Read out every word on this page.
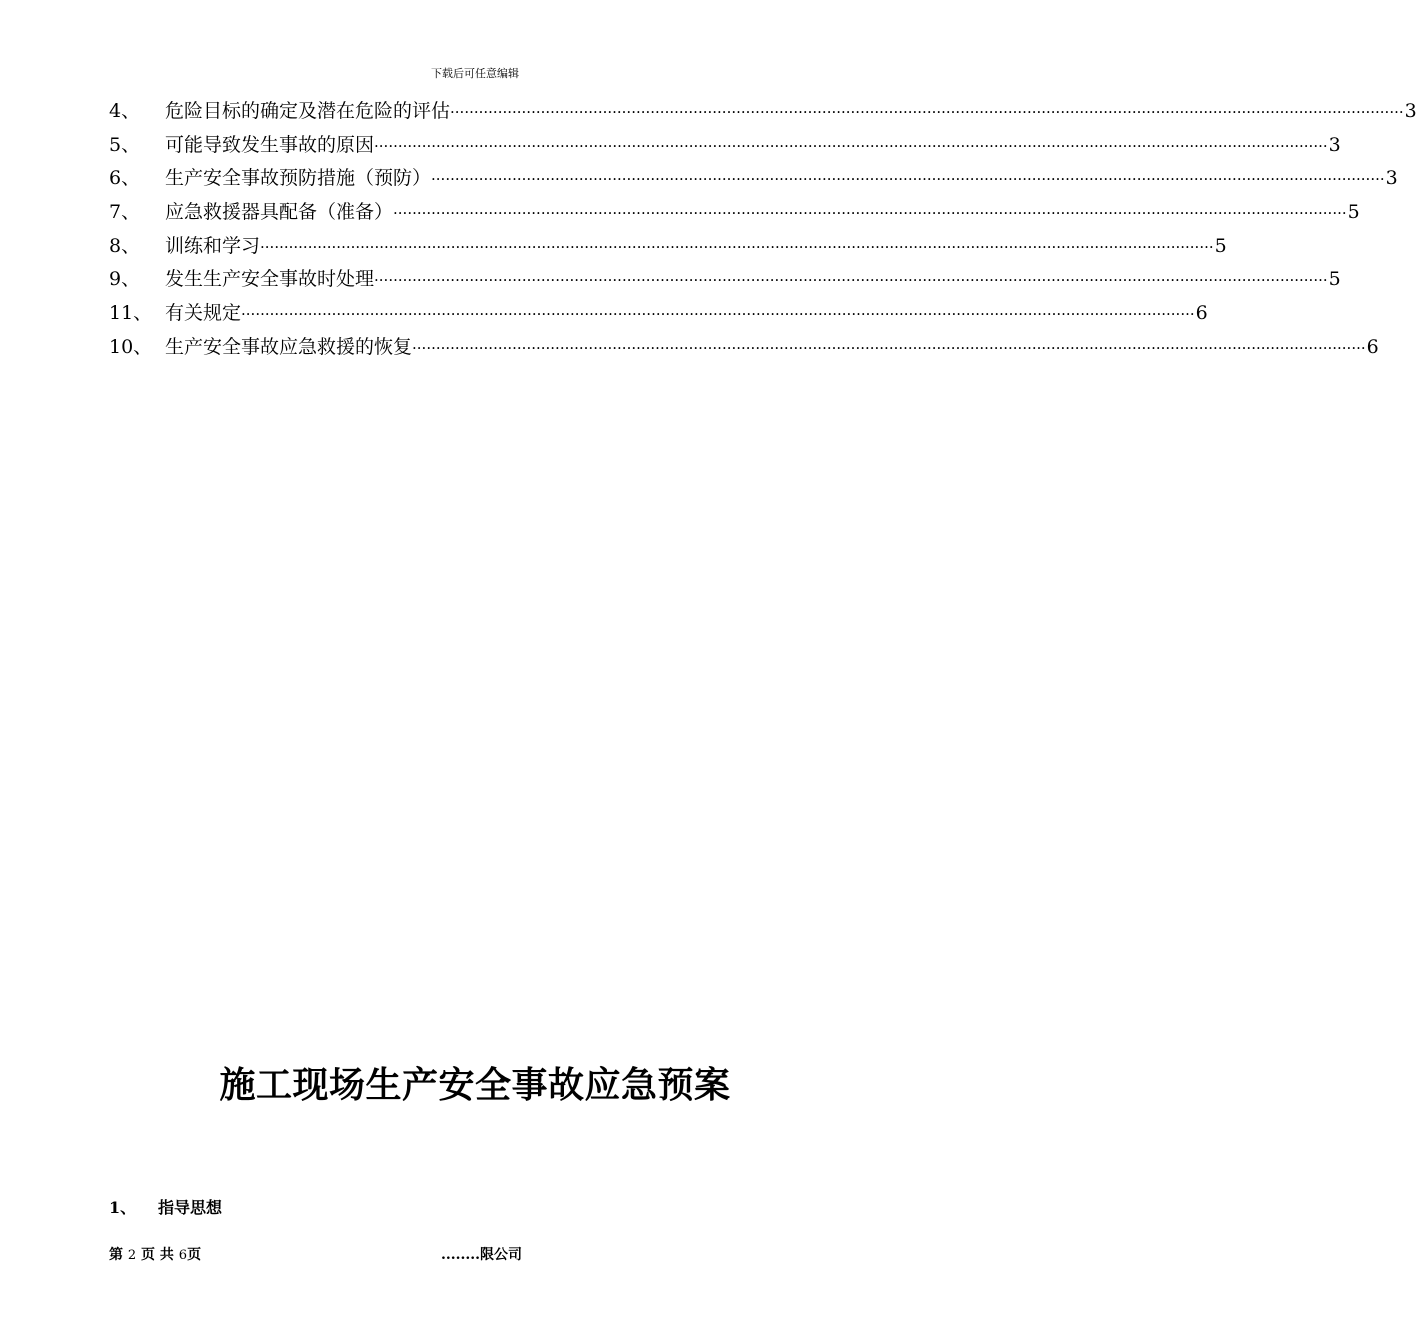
下载后可任意编辑
4、	危险目标的确定及潜在危险的评估 ········································································································································································································ 3
5、	可能导致发生事故的原因 ········································································································································································································ 3
6、	生产安全事故预防措施（预防） ········································································································································································································ 3
7、	应急救援器具配备（准备） ········································································································································································································ 5
8、	训练和学习 ········································································································································································································ 5
9、	发生生产安全事故时处理 ········································································································································································································ 5
11、 有关规定 ········································································································································································································ 6
10、 生产安全事故应急救援的恢复 ········································································································································································································ 6
施工现场生产安全事故应急预案
1、	指导思想
第 2 页 共 6页	........限公司
